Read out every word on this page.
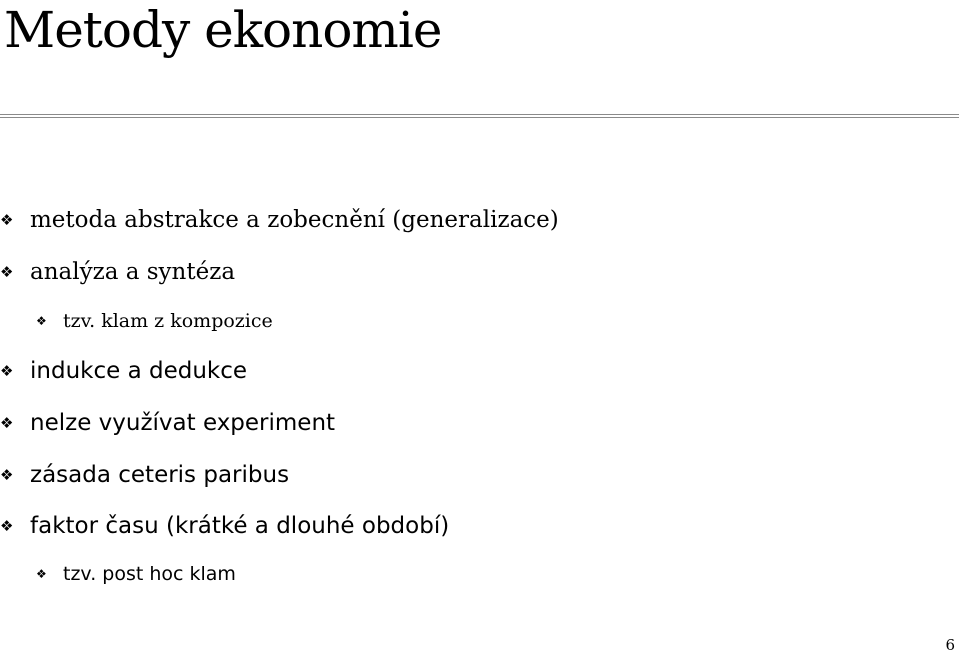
Metody ekonomie
❖ metoda abstrakce a zobecnění (generalizace)
❖ analýza a syntéza
❖ tzv. klam z kompozice
❖ indukce a dedukce
❖ nelze využívat experiment
❖ zásada ceteris paribus
❖ faktor času (krátké a dlouhé období)
❖ tzv. post hoc klam
6
